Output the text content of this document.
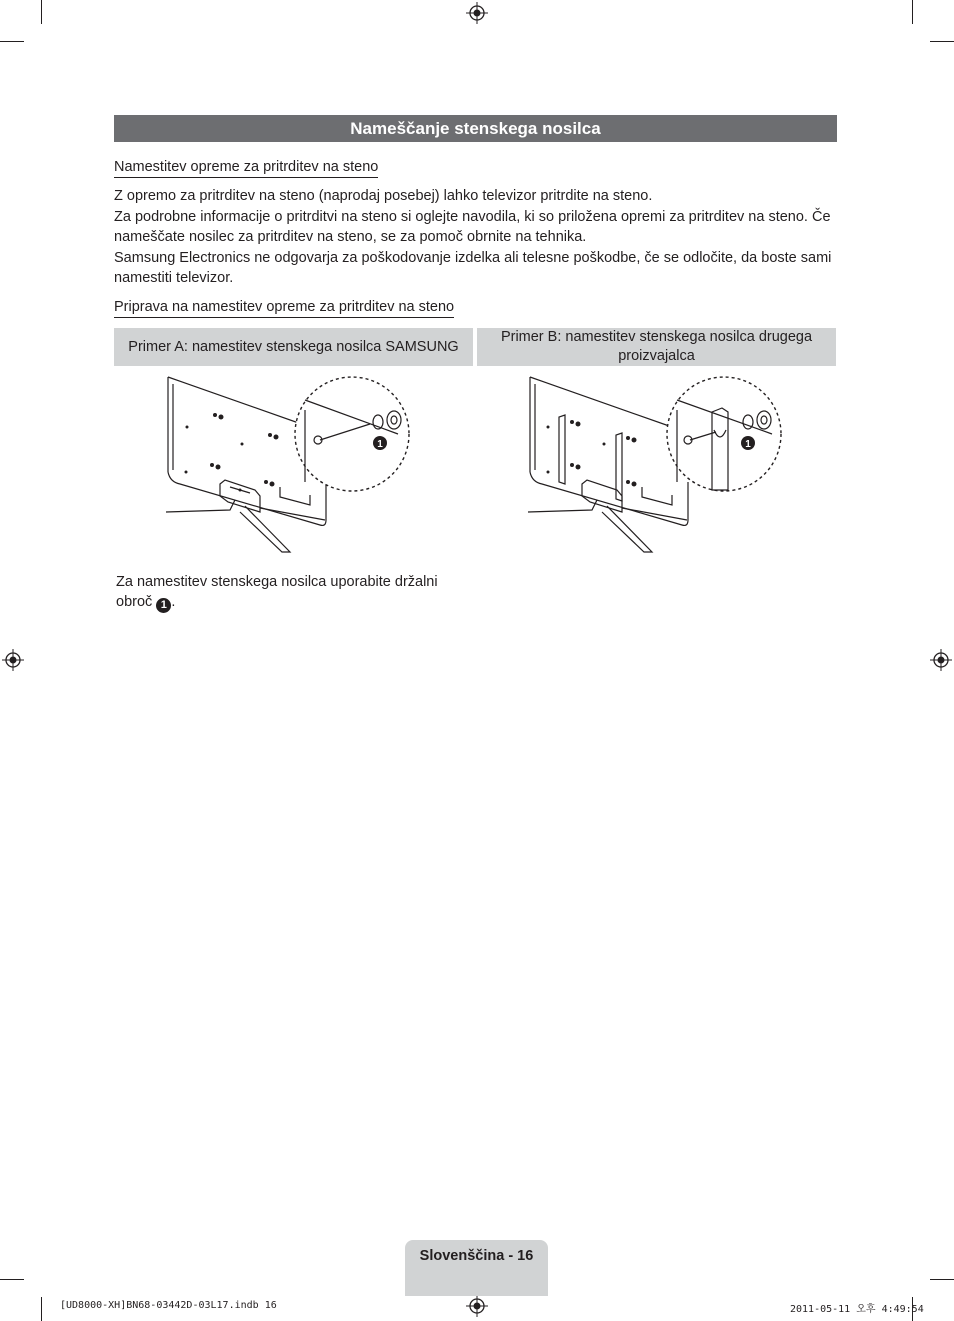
Nameščanje stenskega nosilca
Namestitev opreme za pritrditev na steno
Z opremo za pritrditev na steno (naprodaj posebej) lahko televizor pritrdite na steno.
Za podrobne informacije o pritrditvi na steno si oglejte navodila, ki so priložena opremi za pritrditev na steno. Če nameščate nosilec za pritrditev na steno, se za pomoč obrnite na tehnika.
Samsung Electronics ne odgovarja za poškodovanje izdelka ali telesne poškodbe, če se odločite, da boste sami namestiti televizor.
Priprava na namestitev opreme za pritrditev na steno
Primer A: namestitev stenskega nosilca SAMSUNG
Primer B: namestitev stenskega nosilca drugega proizvajalca
1	1
Za namestitev stenskega nosilca uporabite držalni obroč 1 .
Slovenščina - 16
[UD8000-XH]BN68-03442D-03L17.indb 16	2011-05-11 오후 4:49:54
